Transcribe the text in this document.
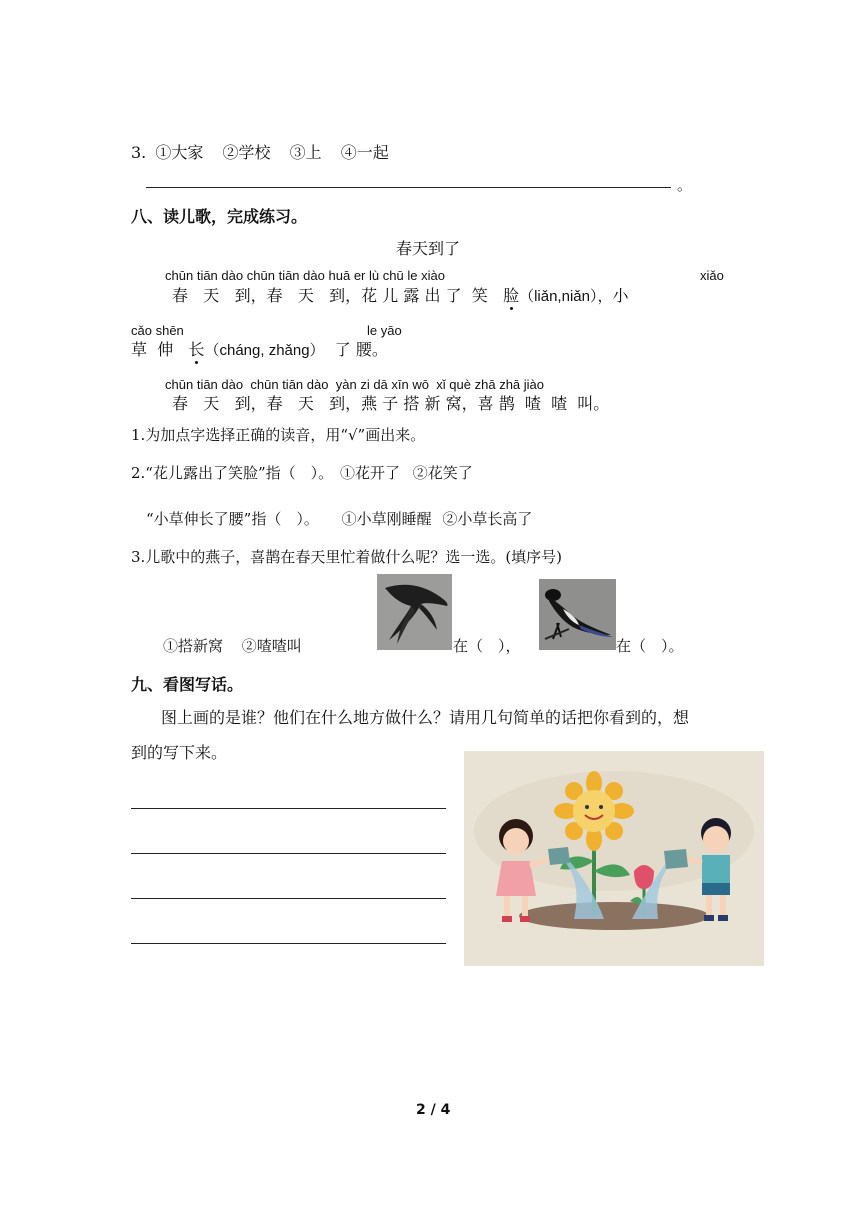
3. ①大家 ②学校 ③上 ④一起
。
八、读儿歌，完成练习。
春天到了
chūn tiān dào chūn tiān dào huā er lù chū le xiào	xiǎo
春 天 到，春 天 到，花 儿 露 出 了 笑 脸（liǎn,niǎn），小
cǎo shēn	le yāo
草 伸 长（cháng, zhǎng） 了 腰。
chūn tiān dào chūn tiān dào yàn zi dā xīn wō xǐ què zhā zhā jiào
春 天 到，春 天 到，燕 子 搭 新 窝，喜 鹊 喳 喳 叫。
1.为加点字选择正确的读音，用“√”画出来。
2.“花儿露出了笑脸”指（　）。 ①花开了 ②花笑了
“小草伸长了腰”指（　）。 ①小草刚睡醒 ②小草长高了
3.儿歌中的燕子，喜鹊在春天里忙着做什么呢？选一选。(填序号)
①搭新窝 ②喳喳叫	在（　），	在（　）。
九、看图写话。
图上画的是谁？他们在什么地方做什么？请用几句简单的话把你看到的，想
到的写下来。
2 / 4
